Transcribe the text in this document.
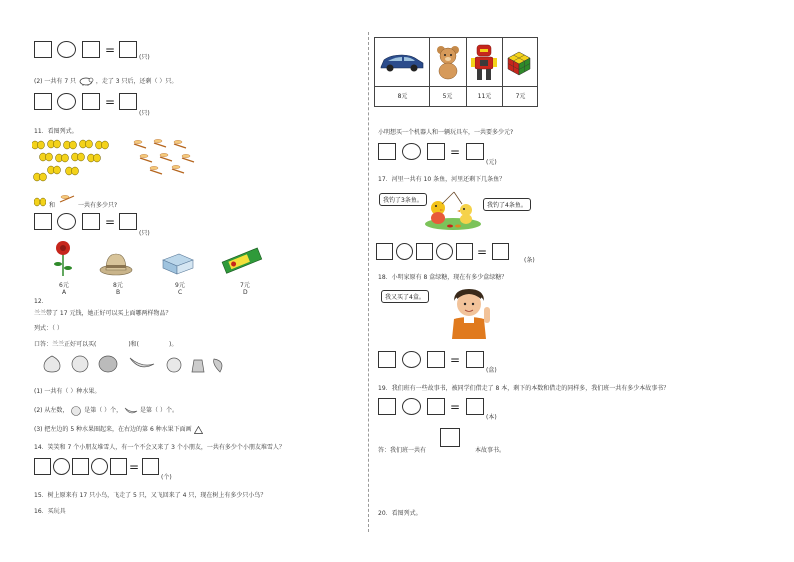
=
(只)
(2) 一共有 7 只	，走了 3 只后，还剩（ ）只。
=
(只)
11．看图列式。
和	一共有多少只?
=
(只)
6元
A
8元
B
9元
C
7元
D
12．
兰兰带了 17 元钱，她正好可以买上面哪两样物品？
列式：（ ）
口答：兰兰正好可以买(	)和(	)。
(1) 一共有（ ）种水果。
(2) 从左数，	是第（ ）个，	是第（ ）个。
(3) 把左边的 5 种水果圈起来，在右边的第 6 种水果下面画
14．笑笑和 7 个小朋友堆雪人，有一个不会又来了 3 个小朋友，一共有多少个小朋友堆雪人？
=
(个)
15．树上原来有 17 只小鸟，飞走了 5 只，又飞回来了 4 只，现在树上有多少只小鸟？
16．买玩具
8元	5元	11元	7元
小明想买一个机器人和一辆玩具车，一共要多少元?
=
(元)
17．河里一共有 10 条鱼，河里还剩下几条鱼？
我钓了3条鱼。
我钓了4条鱼。
=
(条)
18．小明家原有 8 盒绿糖，现在有多少盒绿糖？
我又买了4盒。
=
(盒)
19．我们班有一些故事书，被同学们借走了 8 本，剩下的本数和借走的同样多，我们班一共有多少本故事书？
=
(本)
答：我们班一共有	本故事书。
20．看图列式。
